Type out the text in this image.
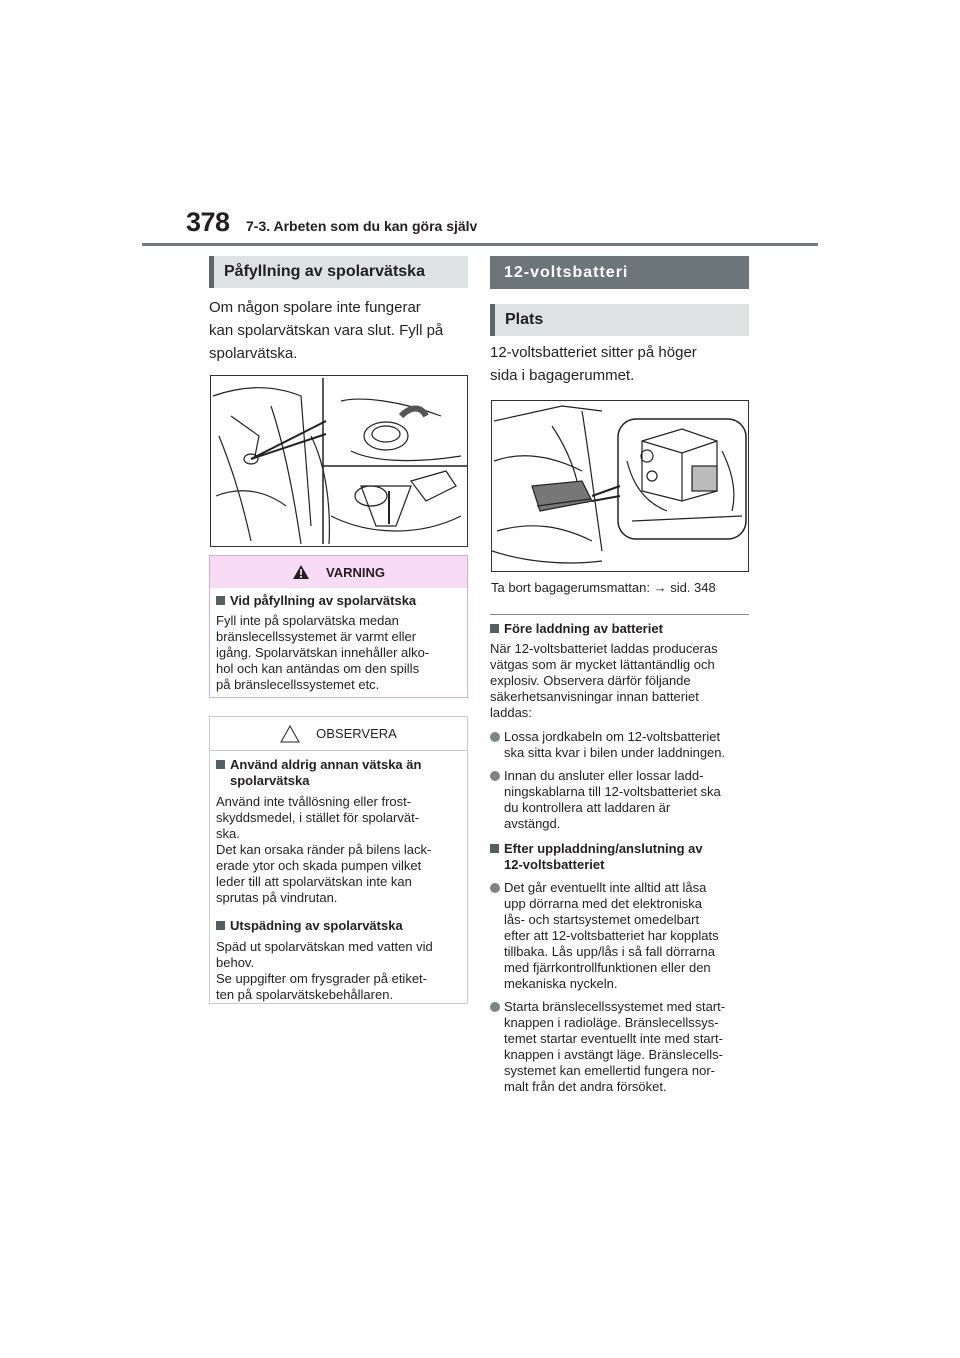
378 7-3. Arbeten som du kan göra själv
Påfyllning av spolarvätska
Om någon spolare inte fungerar
kan spolarvätskan vara slut. Fyll på
spolarvätska.
VARNING
Vid påfyllning av spolarvätska
Fyll inte på spolarvätska medan
bränslecellssystemet är varmt eller
igång. Spolarvätskan innehåller alko-
hol och kan antändas om den spills
på bränslecellssystemet etc.
OBSERVERA
Använd aldrig annan vätska än
spolarvätska
Använd inte tvållösning eller frost-
skyddsmedel, i stället för spolarvät-
ska.
Det kan orsaka ränder på bilens lack-
erade ytor och skada pumpen vilket
leder till att spolarvätskan inte kan
sprutas på vindrutan.
Utspädning av spolarvätska
Späd ut spolarvätskan med vatten vid
behov.
Se uppgifter om frysgrader på etiket-
ten på spolarvätskebehållaren.
12-voltsbatteri
Plats
12-voltsbatteriet sitter på höger
sida i bagagerummet.
Ta bort bagagerumsmattan: → sid. 348
Före laddning av batteriet
När 12-voltsbatteriet laddas produceras
vätgas som är mycket lättantändlig och
explosiv. Observera därför följande
säkerhetsanvisningar innan batteriet
laddas:
Lossa jordkabeln om 12-voltsbatteriet
ska sitta kvar i bilen under laddningen.
Innan du ansluter eller lossar ladd-
ningskablarna till 12-voltsbatteriet ska
du kontrollera att laddaren är
avstängd.
Efter uppladdning/anslutning av
12-voltsbatteriet
Det går eventuellt inte alltid att låsa
upp dörrarna med det elektroniska
lås- och startsystemet omedelbart
efter att 12-voltsbatteriet har kopplats
tillbaka. Lås upp/lås i så fall dörrarna
med fjärrkontrollfunktionen eller den
mekaniska nyckeln.
Starta bränslecellssystemet med start-
knappen i radioläge. Bränslecellssys-
temet startar eventuellt inte med start-
knappen i avstängt läge. Bränslecells-
systemet kan emellertid fungera nor-
malt från det andra försöket.
